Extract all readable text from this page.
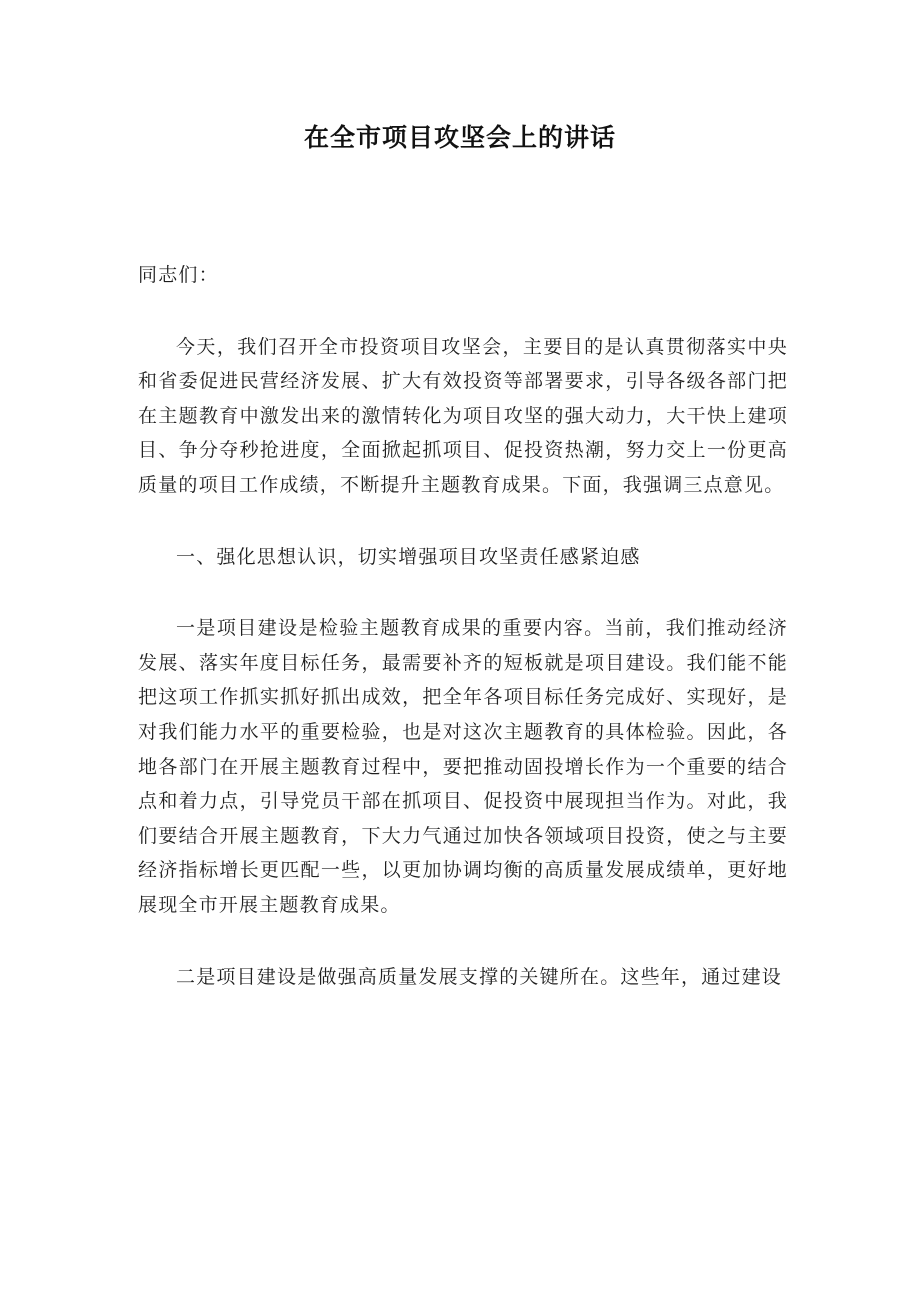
在全市项目攻坚会上的讲话

同志们：

今天，我们召开全市投资项目攻坚会，主要目的是认真贯彻落实中央和省委促进民营经济发展、扩大有效投资等部署要求，引导各级各部门把在主题教育中激发出来的激情转化为项目攻坚的强大动力，大干快上建项目、争分夺秒抢进度，全面掀起抓项目、促投资热潮，努力交上一份更高质量的项目工作成绩，不断提升主题教育成果。下面，我强调三点意见。

一、强化思想认识，切实增强项目攻坚责任感紧迫感

一是项目建设是检验主题教育成果的重要内容。当前，我们推动经济发展、落实年度目标任务，最需要补齐的短板就是项目建设。我们能不能把这项工作抓实抓好抓出成效，把全年各项目标任务完成好、实现好，是对我们能力水平的重要检验，也是对这次主题教育的具体检验。因此，各地各部门在开展主题教育过程中，要把推动固投增长作为一个重要的结合点和着力点，引导党员干部在抓项目、促投资中展现担当作为。对此，我们要结合开展主题教育，下大力气通过加快各领域项目投资，使之与主要经济指标增长更匹配一些，以更加协调均衡的高质量发展成绩单，更好地展现全市开展主题教育成果。

二是项目建设是做强高质量发展支撑的关键所在。这些年，通过建设
